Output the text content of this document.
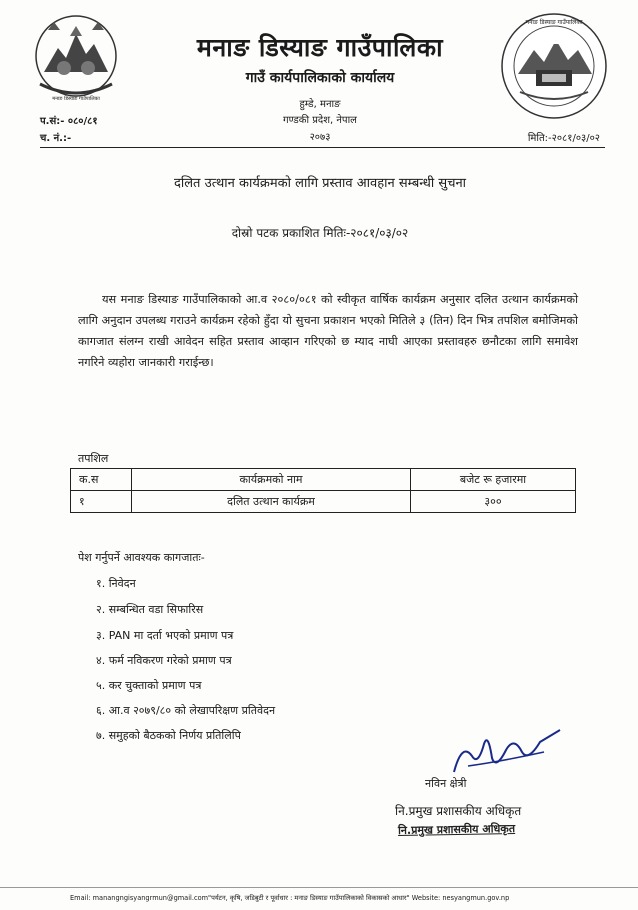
मनाङ डिस्याङ गाउँपालिका
मनाङ डिस्याङ गाउँपालिका
मनाङ डिस्याङ गाउँपालिका
गाउँ कार्यपालिकाको कार्यालय
हुम्डे, मनाङ
गण्डकी प्रदेश, नेपाल
२०७३
प.सं:- ०८०/८१
च. नं.:-	मिति:-२०८१/०३/०२
दलित उत्थान कार्यक्रमको लागि प्रस्ताव आवहान सम्बन्धी सुचना
दोस्रो पटक प्रकाशित मितिः-२०८१/०३/०२
यस मनाङ डिस्याङ गाउँपालिकाको आ.व २०८०/०८१ को स्वीकृत वार्षिक कार्यक्रम अनुसार दलित उत्थान कार्यक्रमको लागि अनुदान उपलब्ध गराउने कार्यक्रम रहेको हुँदा यो सुचना प्रकाशन भएको मितिले ३ (तिन) दिन भित्र तपशिल बमोजिमको कागजात संलग्न राखी आवेदन सहित प्रस्ताव आव्हान गरिएको छ म्याद नाघी आएका प्रस्तावहरु छनौटका लागि समावेश नगरिने व्यहोरा जानकारी गराईन्छ।
तपशिल
क.स	कार्यक्रमको नाम	बजेट रू हजारमा
१	दलित उत्थान कार्यक्रम	३००
पेश गर्नुपर्ने आवश्यक कागजातः-
१. निवेदन
२. सम्बन्धित वडा सिफारिस
३. PAN मा दर्ता भएको प्रमाण पत्र
४. फर्म नविकरण गरेको प्रमाण पत्र
५. कर चुक्ताको प्रमाण पत्र
६. आ.व २०७९/८० को लेखापरिक्षण प्रतिवेदन
७. समुहको बैठकको निर्णय प्रतिलिपि
नविन क्षेत्री
नि.प्रमुख प्रशासकीय अधिकृत
नि.प्रमुख प्रशासकीय अधिकृत
Email: manangngisyangrmun@gmail.com"पर्यटन, कृषि, जडिबुटी र पूर्वाधार : मनाङ डिस्याङ गाउँपालिकाको विकासको आधार" Website: nesyangmun.gov.np
